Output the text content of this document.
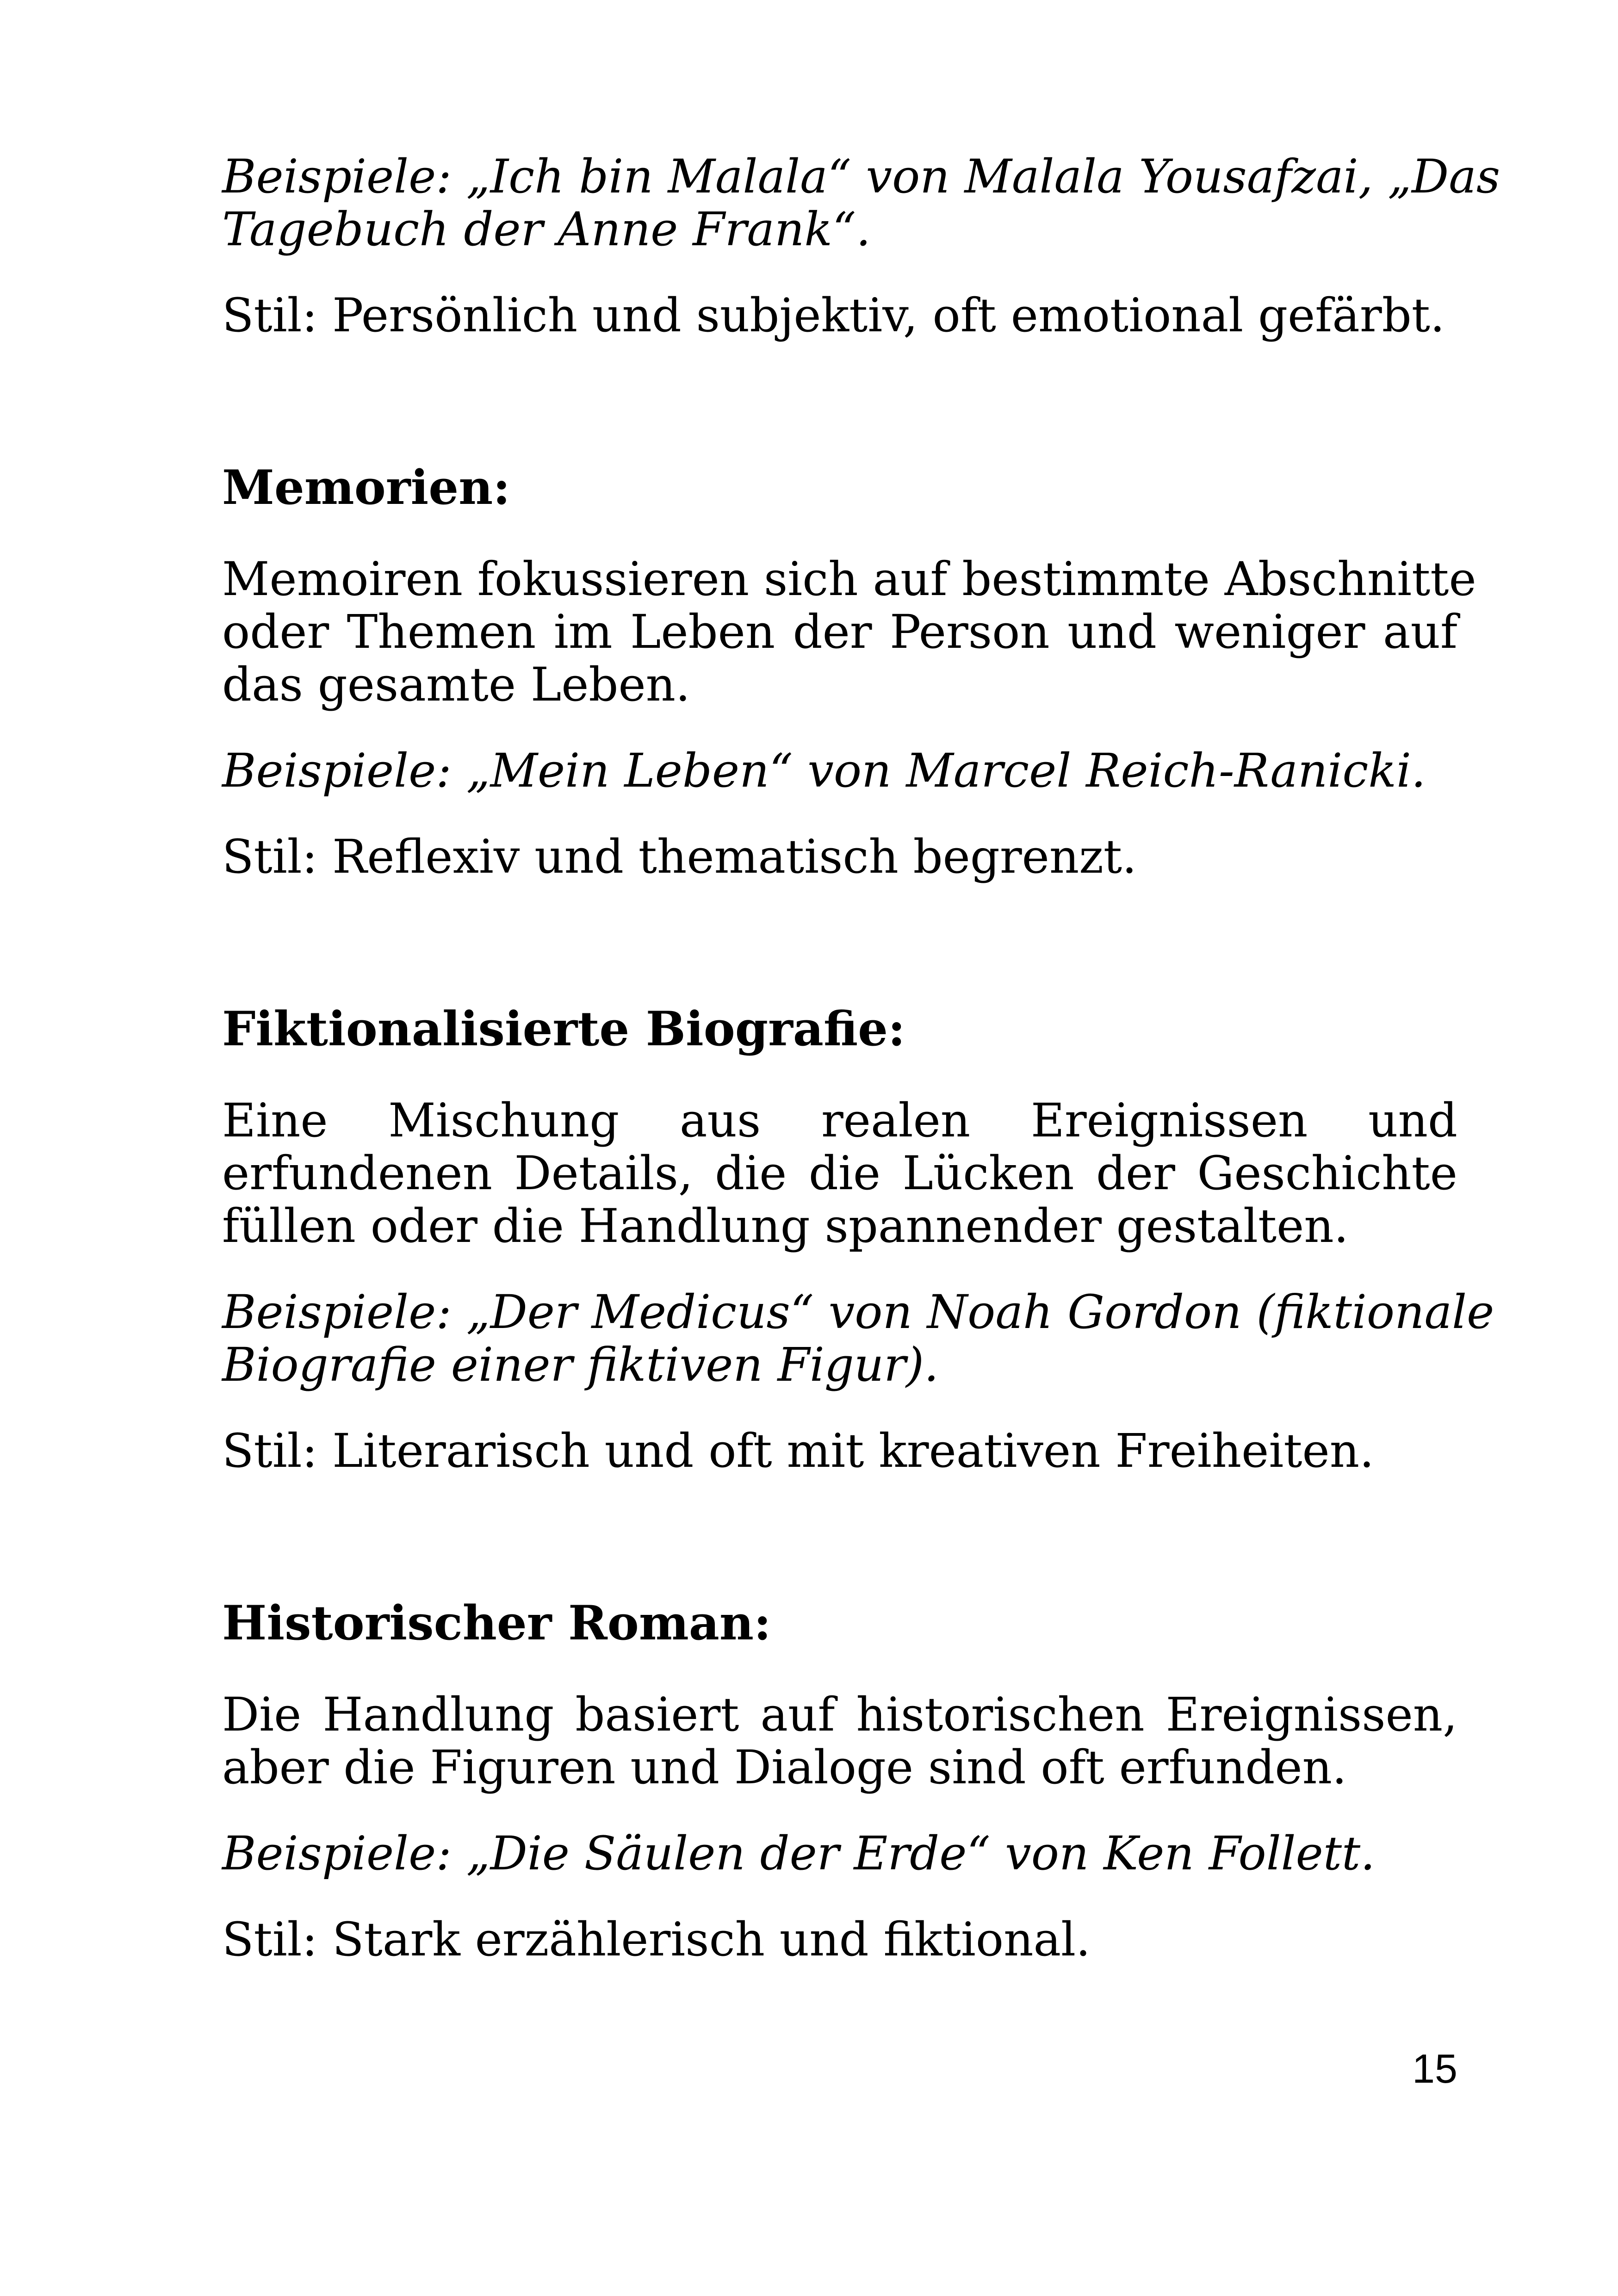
Beispiele: „Ich bin Malala“ von Malala Yousafzai, „Das
Tagebuch der Anne Frank“.

Stil: Persönlich und subjektiv, oft emotional gefärbt.

Memorien:

Memoiren fokussieren sich auf bestimmte Abschnitte
oder Themen im Leben der Person und weniger auf
das gesamte Leben.

Beispiele: „Mein Leben“ von Marcel Reich-Ranicki.

Stil: Reflexiv und thematisch begrenzt.

Fiktionalisierte Biografie:

Eine Mischung aus realen Ereignissen und
erfundenen Details, die die Lücken der Geschichte
füllen oder die Handlung spannender gestalten.

Beispiele: „Der Medicus“ von Noah Gordon (fiktionale
Biografie einer fiktiven Figur).

Stil: Literarisch und oft mit kreativen Freiheiten.

Historischer Roman:

Die Handlung basiert auf historischen Ereignissen,
aber die Figuren und Dialoge sind oft erfunden.

Beispiele: „Die Säulen der Erde“ von Ken Follett.

Stil: Stark erzählerisch und fiktional.

15
